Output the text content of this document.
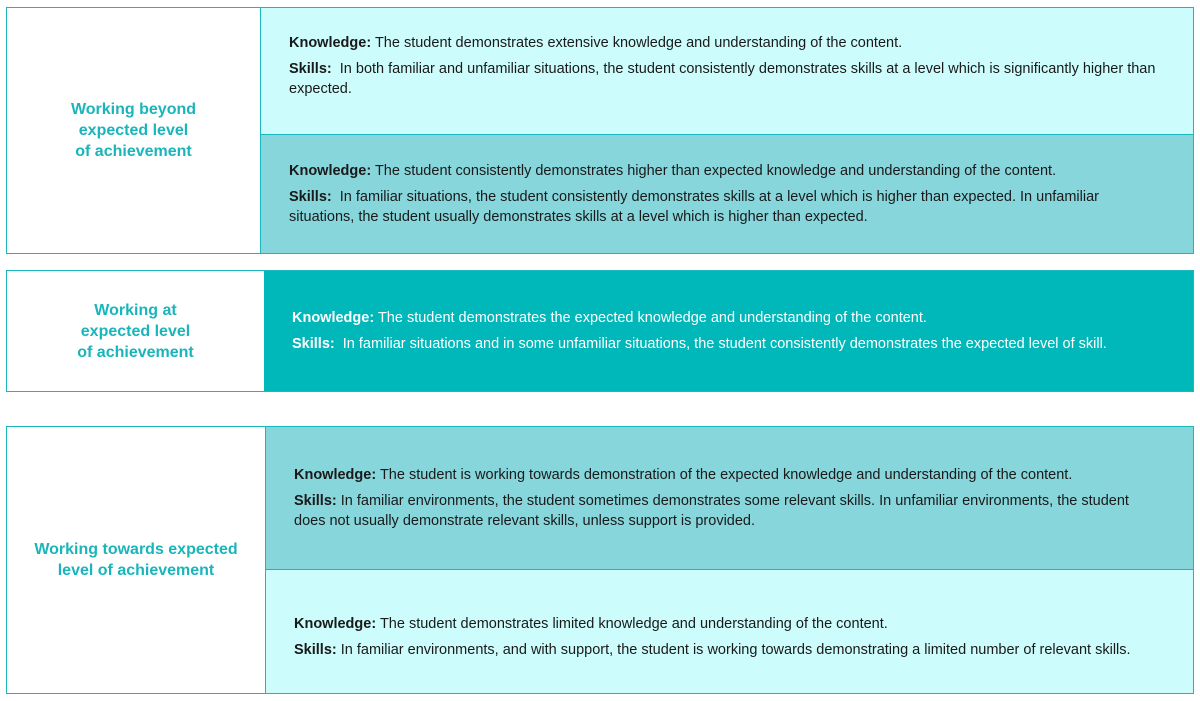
Working beyond
expected level
of achievement

Knowledge: The student demonstrates extensive knowledge and understanding of the content.

Skills: In both familiar and unfamiliar situations, the student consistently demonstrates skills at a level which is significantly higher than expected.

Knowledge: The student consistently demonstrates higher than expected knowledge and understanding of the content.

Skills: In familiar situations, the student consistently demonstrates skills at a level which is higher than expected. In unfamiliar situations, the student usually demonstrates skills at a level which is higher than expected.

Working at
expected level
of achievement

Knowledge: The student demonstrates the expected knowledge and understanding of the content.

Skills: In familiar situations and in some unfamiliar situations, the student consistently demonstrates the expected level of skill.

Working towards expected
level of achievement

Knowledge: The student is working towards demonstration of the expected knowledge and understanding of the content.

Skills: In familiar environments, the student sometimes demonstrates some relevant skills. In unfamiliar environments, the student does not usually demonstrate relevant skills, unless support is provided.

Knowledge: The student demonstrates limited knowledge and understanding of the content.

Skills: In familiar environments, and with support, the student is working towards demonstrating a limited number of relevant skills.
